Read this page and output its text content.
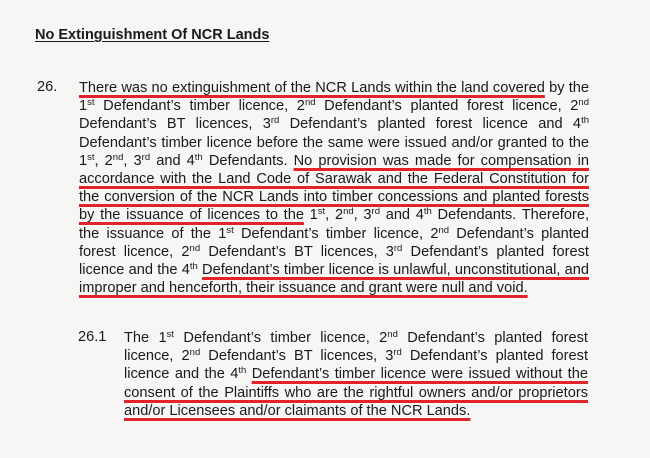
No Extinguishment Of NCR Lands
26. There was no extinguishment of the NCR Lands within the land covered by the 1st Defendant’s timber licence, 2nd Defendant’s planted forest licence, 2nd Defendant’s BT licences, 3rd Defendant’s planted forest licence and 4th Defendant’s timber licence before the same were issued and/or granted to the 1st, 2nd, 3rd and 4th Defendants. No provision was made for compensation in accordance with the Land Code of Sarawak and the Federal Constitution for the conversion of the NCR Lands into timber concessions and planted forests by the issuance of licences to the 1st, 2nd, 3rd and 4th Defendants. Therefore, the issuance of the 1st Defendant’s timber licence, 2nd Defendant’s planted forest licence, 2nd Defendant’s BT licences, 3rd Defendant’s planted forest licence and the 4th Defendant’s timber licence is unlawful, unconstitutional, and improper and henceforth, their issuance and grant were null and void.

26.1 The 1st Defendant’s timber licence, 2nd Defendant’s planted forest licence, 2nd Defendant’s BT licences, 3rd Defendant’s planted forest licence and the 4th Defendant’s timber licence were issued without the consent of the Plaintiffs who are the rightful owners and/or proprietors and/or Licensees and/or claimants of the NCR Lands.
